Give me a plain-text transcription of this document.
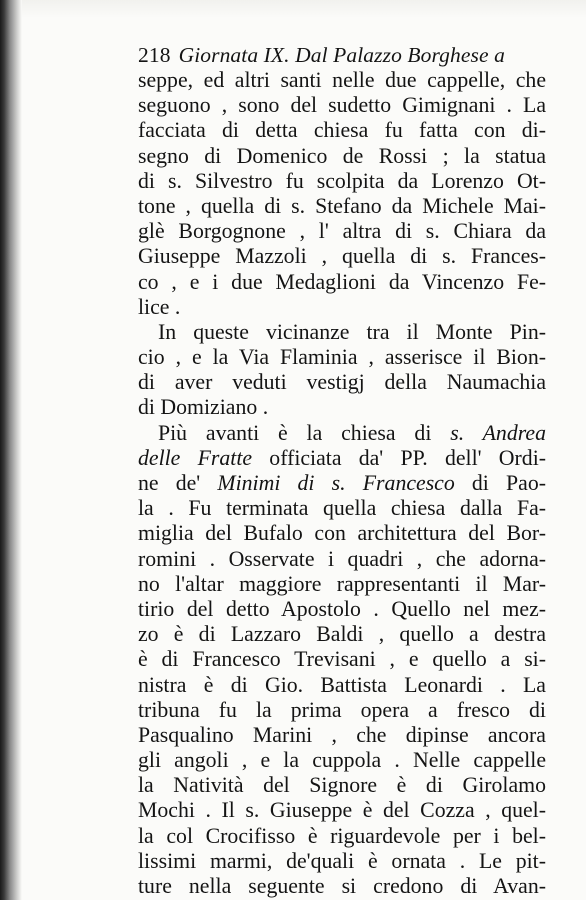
218 Giornata IX. Dal Palazzo Borghese a
seppe, ed altri santi nelle due cappelle, che
seguono , sono del sudetto Gimignani . La
facciata di detta chiesa fu fatta con di-
segno di Domenico de Rossi ; la statua
di s. Silvestro fu scolpita da Lorenzo Ot-
tone , quella di s. Stefano da Michele Mai-
glè Borgognone , l' altra di s. Chiara da
Giuseppe Mazzoli , quella di s. Frances-
co , e i due Medaglioni da Vincenzo Fe-
lice .
In queste vicinanze tra il Monte Pin-
cio , e la Via Flaminia , asserisce il Bion-
di aver veduti vestigj della Naumachia
di Domiziano .
Più avanti è la chiesa di s. Andrea
delle Fratte officiata da' PP. dell' Ordi-
ne de' Minimi di s. Francesco di Pao-
la . Fu terminata quella chiesa dalla Fa-
miglia del Bufalo con architettura del Bor-
romini . Osservate i quadri , che adorna-
no l'altar maggiore rappresentanti il Mar-
tirio del detto Apostolo . Quello nel mez-
zo è di Lazzaro Baldi , quello a destra
è di Francesco Trevisani , e quello a si-
nistra è di Gio. Battista Leonardi . La
tribuna fu la prima opera a fresco di
Pasqualino Marini , che dipinse ancora
gli angoli , e la cuppola . Nelle cappelle
la Natività del Signore è di Girolamo
Mochi . Il s. Giuseppe è del Cozza , quel-
la col Crocifisso è riguardevole per i bel-
lissimi marmi, de'quali è ornata . Le pit-
ture nella seguente si credono di Avan-
